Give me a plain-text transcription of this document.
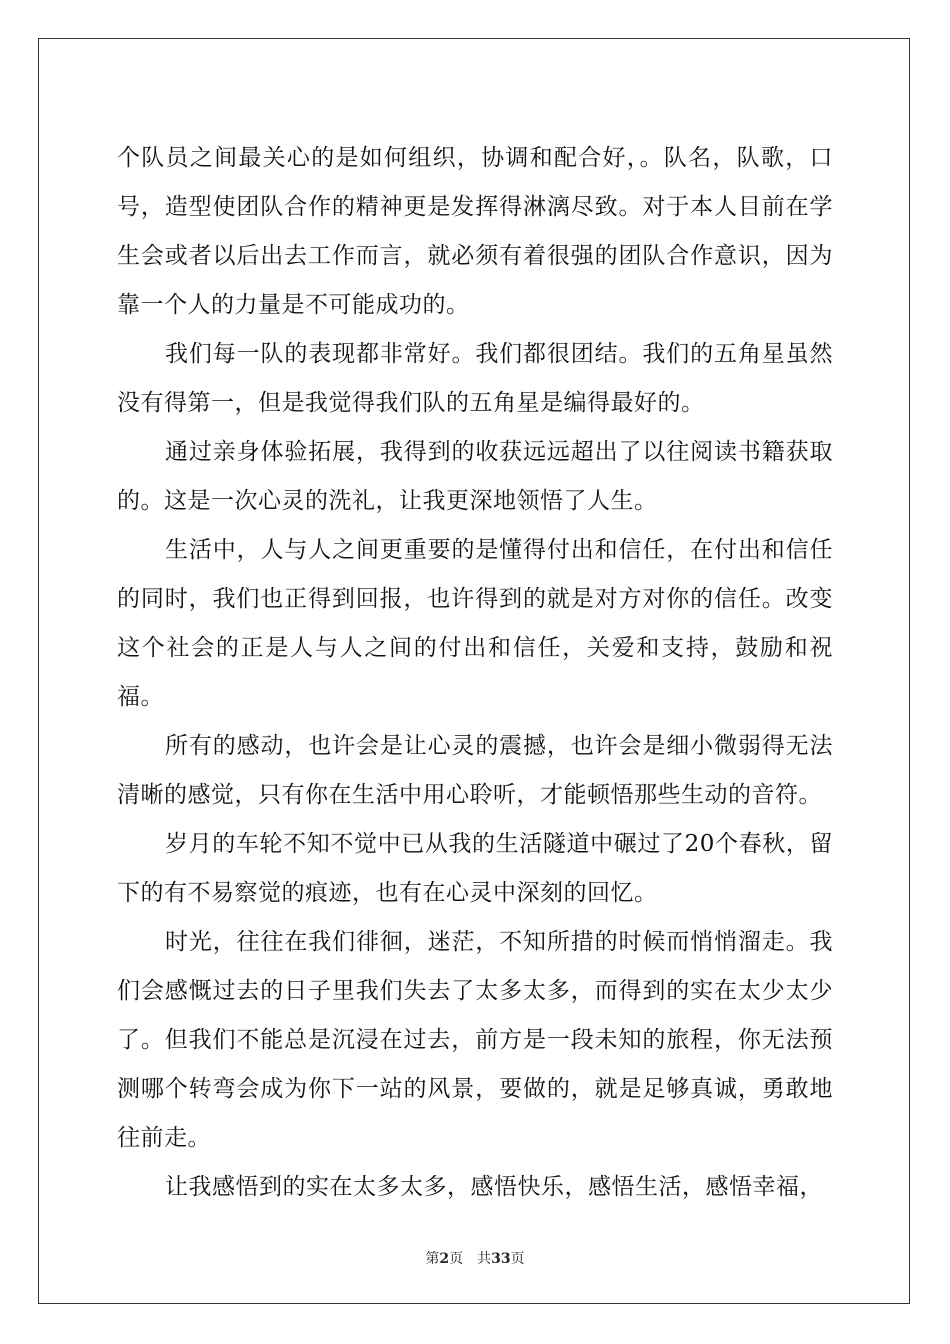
个队员之间最关心的是如何组织，协调和配合好，。队名，队歌，口号，造型使团队合作的精神更是发挥得淋漓尽致。对于本人目前在学生会或者以后出去工作而言，就必须有着很强的团队合作意识，因为靠一个人的力量是不可能成功的。

我们每一队的表现都非常好。我们都很团结。我们的五角星虽然没有得第一，但是我觉得我们队的五角星是编得最好的。

通过亲身体验拓展，我得到的收获远远超出了以往阅读书籍获取的。这是一次心灵的洗礼，让我更深地领悟了人生。

生活中，人与人之间更重要的是懂得付出和信任，在付出和信任的同时，我们也正得到回报，也许得到的就是对方对你的信任。改变这个社会的正是人与人之间的付出和信任，关爱和支持，鼓励和祝福。

所有的感动，也许会是让心灵的震撼，也许会是细小微弱得无法清晰的感觉，只有你在生活中用心聆听，才能顿悟那些生动的音符。

岁月的车轮不知不觉中已从我的生活隧道中碾过了20个春秋，留下的有不易察觉的痕迹，也有在心灵中深刻的回忆。

时光，往往在我们徘徊，迷茫，不知所措的时候而悄悄溜走。我们会感慨过去的日子里我们失去了太多太多，而得到的实在太少太少了。但我们不能总是沉浸在过去，前方是一段未知的旅程，你无法预测哪个转弯会成为你下一站的风景，要做的，就是足够真诚，勇敢地往前走。

让我感悟到的实在太多太多，感悟快乐，感悟生活，感悟幸福，

第2页 共33页
